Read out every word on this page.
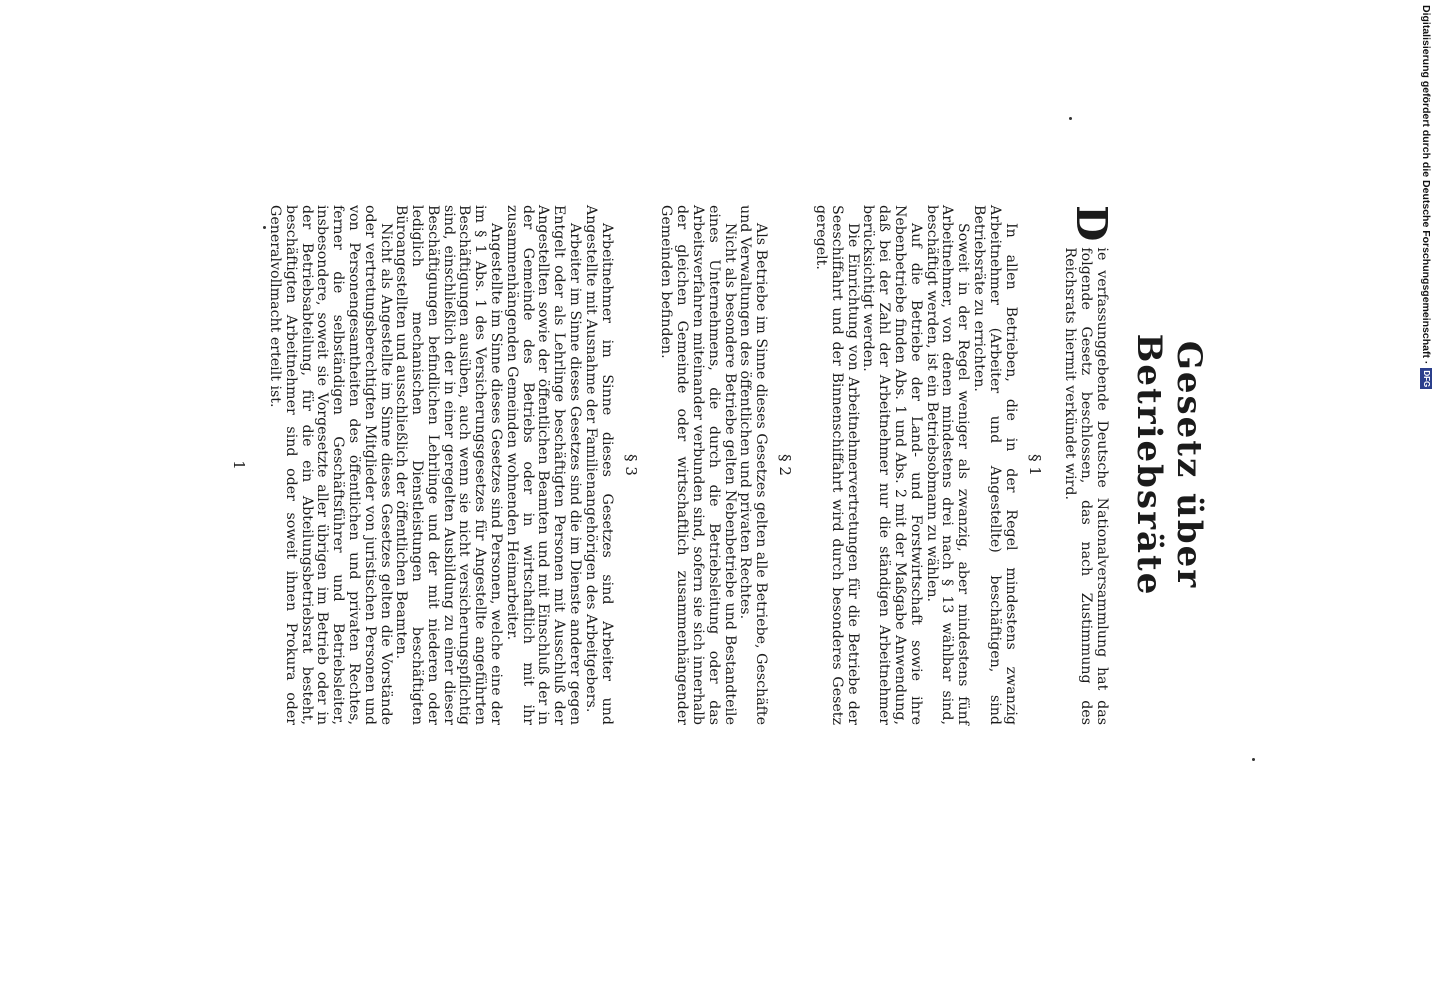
Gesetz über Betriebsräte

D
ie verfassunggebende Deutsche Nationalversammlung hat das folgende Gesetz beschlossen, das nach Zustimmung des Reichsrats hiermit verkündet wird.

§ 1

In allen Betrieben, die in der Regel mindestens zwanzig Arbeitnehmer (Arbeiter und Angestellte) beschäftigen, sind Betriebsräte zu errichten.

Soweit in der Regel weniger als zwanzig, aber mindestens fünf Arbeitnehmer, von denen mindestens drei nach § 13 wählbar sind, beschäftigt werden, ist ein Betriebsobmann zu wählen.

Auf die Betriebe der Land- und Forstwirtschaft sowie ihre Nebenbetriebe finden Abs. 1 und Abs. 2 mit der Maßgabe Anwendung, daß bei der Zahl der Arbeitnehmer nur die ständigen Arbeitnehmer berücksichtigt werden.

Die Einrichtung von Arbeitnehmervertretungen für die Betriebe der Seeschiffahrt und der Binnenschiffahrt wird durch besonderes Gesetz geregelt.

§ 2

Als Betriebe im Sinne dieses Gesetzes gelten alle Betriebe, Geschäfte und Verwaltungen des öffentlichen und privaten Rechtes.

Nicht als besondere Betriebe gelten Nebenbetriebe und Bestandteile eines Unternehmens, die durch die Betriebsleitung oder das Arbeitsverfahren miteinander verbunden sind, sofern sie sich innerhalb der gleichen Gemeinde oder wirtschaftlich zusammenhängender Gemeinden befinden.

§ 3

Arbeitnehmer im Sinne dieses Gesetzes sind Arbeiter und Angestellte mit Ausnahme der Familienangehörigen des Arbeitgebers.

Arbeiter im Sinne dieses Gesetzes sind die im Dienste anderer gegen Entgelt oder als Lehrlinge beschäftigten Personen mit Ausschluß der Angestellten sowie der öffentlichen Beamten und mit Einschluß der in der Gemeinde des Betriebs oder in wirtschaftlich mit ihr zusammenhängenden Gemeinden wohnenden Heimarbeiter.

Angestellte im Sinne dieses Gesetzes sind Personen, welche eine der im § 1 Abs. 1 des Versicherungsgesetzes für Angestellte angeführten Beschäftigungen ausüben, auch wenn sie nicht versicherungspflichtig sind, einschließlich der in einer geregelten Ausbildung zu einer dieser Beschäftigungen befindlichen Lehrlinge und der mit niederen oder lediglich mechanischen Dienstleistungen beschäftigten Büroangestellten und ausschließlich der öffentlichen Beamten.

Nicht als Angestellte im Sinne dieses Gesetzes gelten die Vorstände oder vertretungsberechtigten Mitglieder von juristischen Personen und von Personengesamtheiten des öffentlichen und privaten Rechtes, ferner die selbständigen Geschäftsführer und Betriebsleiter, insbesondere, soweit sie Vorgesetzte aller übrigen im Betrieb oder in der Betriebsabteilung, für die ein Abteilungsbetriebsrat besteht, beschäftigten Arbeitnehmer sind oder soweit ihnen Prokura oder Generalvollmacht erteilt ist.

1
Digitalisierung gefördert durch die Deutsche Forschungsgemeinschaft ·
DFG
